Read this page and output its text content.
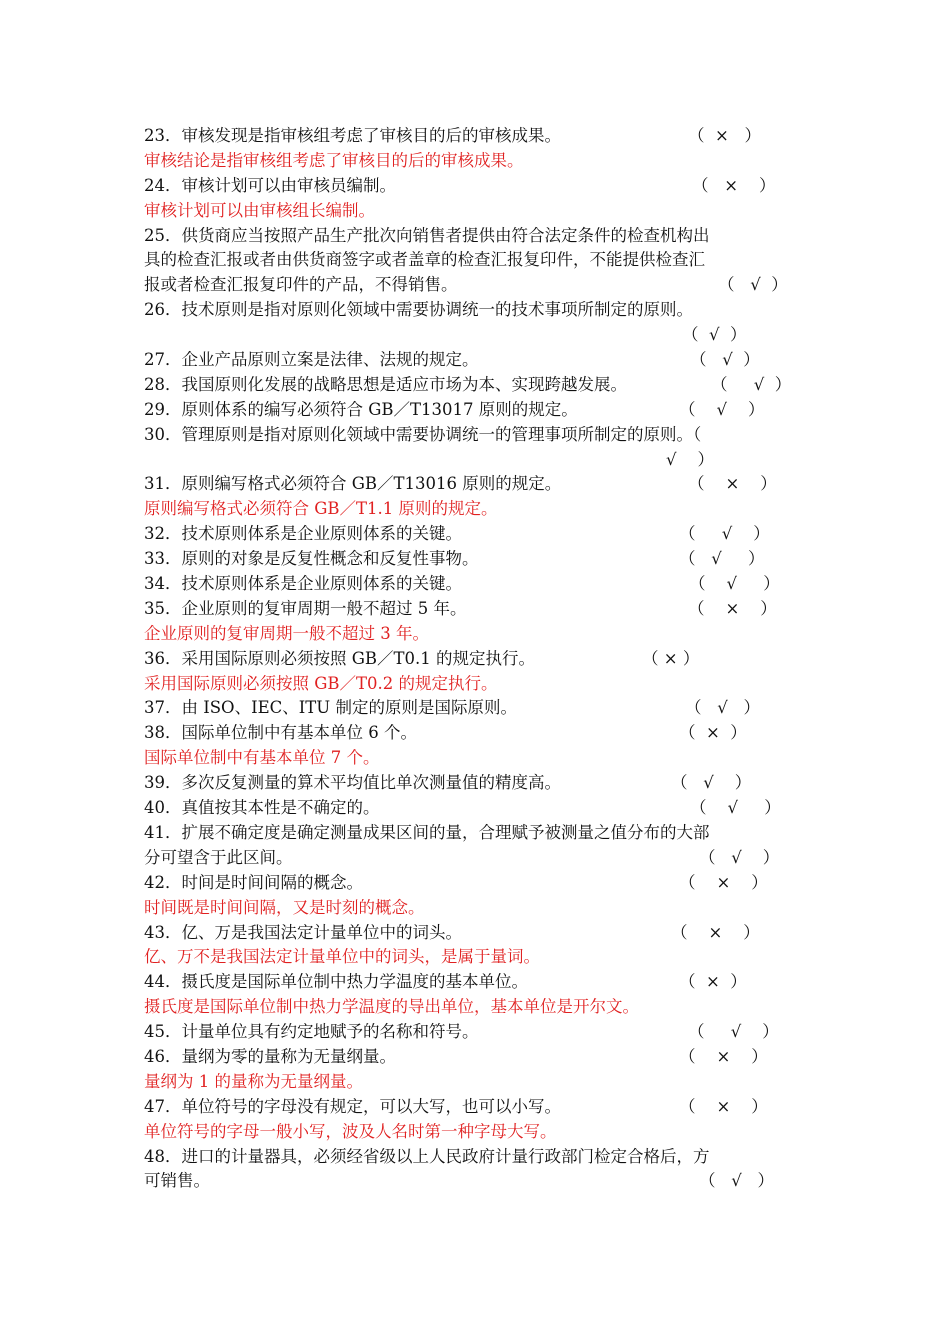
23．审核发现是指审核组考虑了审核目的后的审核成果。	（  ×   ）
审核结论是指审核组考虑了审核目的后的审核成果。
24．审核计划可以由审核员编制。	（   ×    ）
审核计划可以由审核组长编制。
25．供货商应当按照产品生产批次向销售者提供由符合法定条件的检查机构出
具的检查汇报或者由供货商签字或者盖章的检查汇报复印件，不能提供检查汇
报或者检查汇报复印件的产品，不得销售。	（   √  ）
26．技术原则是指对原则化领域中需要协调统一的技术事项所制定的原则。
（  √  ）
27．企业产品原则立案是法律、法规的规定。	（   √  ）
28．我国原则化发展的战略思想是适应市场为本、实现跨越发展。	（     √  ）
29．原则体系的编写必须符合 GB／T13017 原则的规定。	（    √    ）
30．管理原则是指对原则化领域中需要协调统一的管理事项所制定的原则。（
√    ）
31．原则编写格式必须符合 GB／T13016 原则的规定。	（    ×    ）
原则编写格式必须符合 GB／T1.1 原则的规定。
32．技术原则体系是企业原则体系的关键。	（     √    ）
33．原则的对象是反复性概念和反复性事物。	（   √     ）
34．技术原则体系是企业原则体系的关键。	（    √     ）
35．企业原则的复审周期一般不超过 5 年。	（    ×    ）
企业原则的复审周期一般不超过 3 年。
36．采用国际原则必须按照 GB／T0.1 的规定执行。	（ × ）
采用国际原则必须按照 GB／T0.2 的规定执行。
37．由 ISO、IEC、ITU 制定的原则是国际原则。	（   √   ）
38．国际单位制中有基本单位 6 个。	（  ×  ）
国际单位制中有基本单位 7 个。
39．多次反复测量的算术平均值比单次测量值的精度高。	（   √    ）
40．真值按其本性是不确定的。	（    √     ）
41．扩展不确定度是确定测量成果区间的量，合理赋予被测量之值分布的大部
分可望含于此区间。	（   √    ）
42．时间是时间间隔的概念。	（    ×    ）
时间既是时间间隔，又是时刻的概念。
43．亿、万是我国法定计量单位中的词头。	（    ×    ）
亿、万不是我国法定计量单位中的词头，是属于量词。
44．摄氏度是国际单位制中热力学温度的基本单位。	（  ×  ）
摄氏度是国际单位制中热力学温度的导出单位，基本单位是开尔文。
45．计量单位具有约定地赋予的名称和符号。	（     √    ）
46．量纲为零的量称为无量纲量。	（    ×    ）
量纲为 1 的量称为无量纲量。
47．单位符号的字母没有规定，可以大写，也可以小写。	（    ×    ）
单位符号的字母一般小写，波及人名时第一种字母大写。
48．进口的计量器具，必须经省级以上人民政府计量行政部门检定合格后，方
可销售。	（   √   ）
